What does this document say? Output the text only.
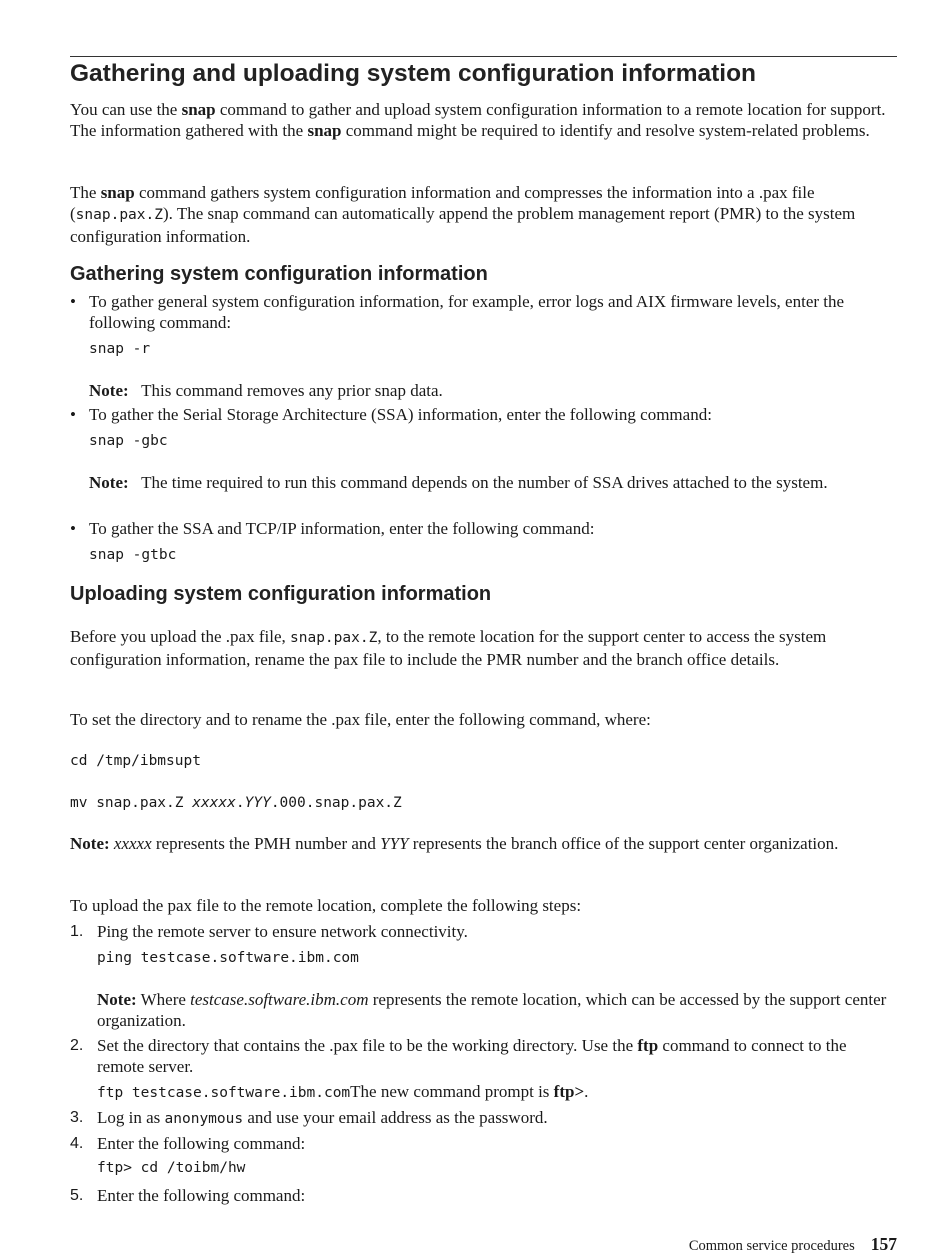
Gathering and uploading system configuration information

You can use the snap command to gather and upload system configuration information to a remote location for support. The information gathered with the snap command might be required to identify and resolve system-related problems.

The snap command gathers system configuration information and compresses the information into a .pax file (snap.pax.Z). The snap command can automatically append the problem management report (PMR) to the system configuration information.

Gathering system configuration information
• To gather general system configuration information, for example, error logs and AIX firmware levels, enter the following command:

snap -r

Note: This command removes any prior snap data.

• To gather the Serial Storage Architecture (SSA) information, enter the following command:

snap -gbc

Note: The time required to run this command depends on the number of SSA drives attached to the system.

• To gather the SSA and TCP/IP information, enter the following command:

snap -gtbc
Uploading system configuration information

Before you upload the .pax file, snap.pax.Z, to the remote location for the support center to access the system configuration information, rename the pax file to include the PMR number and the branch office details.

To set the directory and to rename the .pax file, enter the following command, where:

cd /tmp/ibmsupt
mv snap.pax.Z xxxxx.YYY.000.snap.pax.Z

Note: xxxxx represents the PMH number and YYY represents the branch office of the support center organization.

To upload the pax file to the remote location, complete the following steps:

1. Ping the remote server to ensure network connectivity.

ping testcase.software.ibm.com

Note: Where testcase.software.ibm.com represents the remote location, which can be accessed by the support center organization.

2. Set the directory that contains the .pax file to be the working directory. Use the ftp command to connect to the remote server.

ftp testcase.software.ibm.comThe new command prompt is ftp>.

3. Log in as anonymous and use your email address as the password.

4. Enter the following command:

ftp> cd /toibm/hw
5. Enter the following command:

Common service procedures 157
